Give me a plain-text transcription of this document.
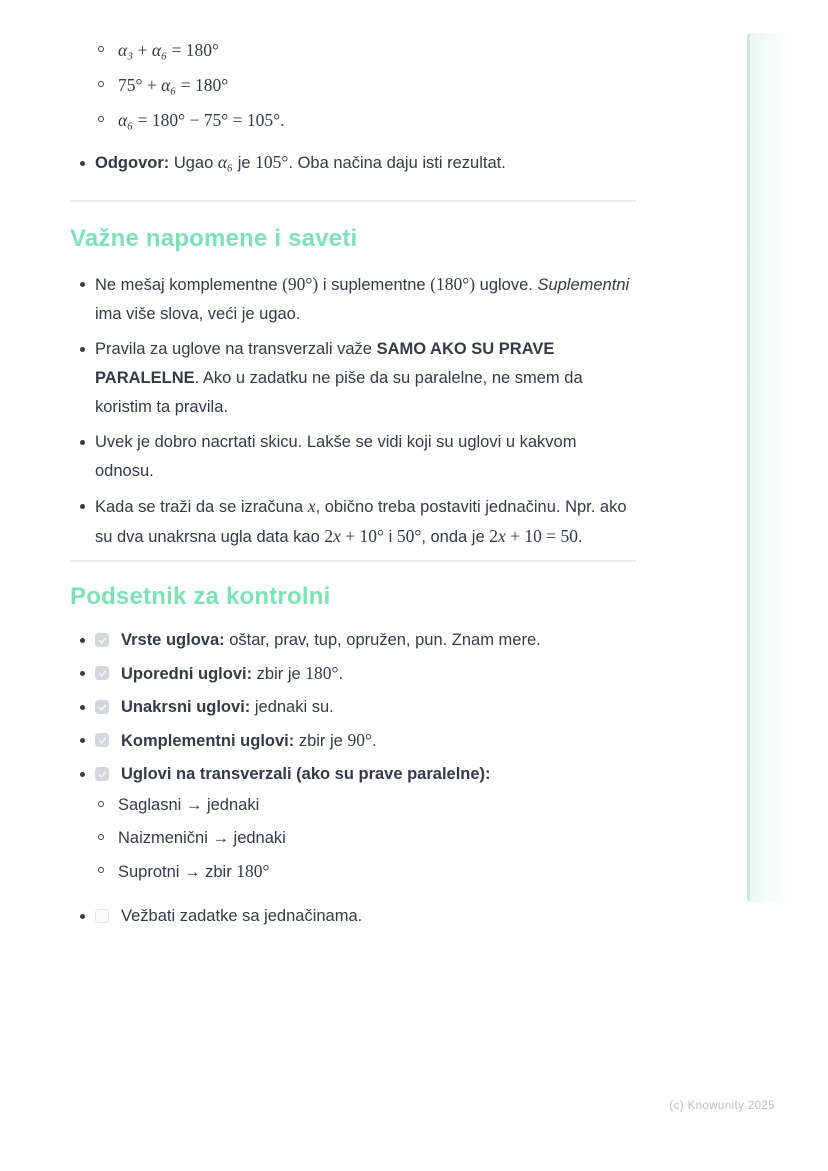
α₃ + α₆ = 180°
75° + α₆ = 180°
α₆ = 180° − 75° = 105°.
Odgovor: Ugao α₆ je 105°. Oba načina daju isti rezultat.
Važne napomene i saveti
Ne mešaj komplementne (90°) i suplementne (180°) uglove. Suplementni ima više slova, veći je ugao.
Pravila za uglove na transverzali važe SAMO AKO SU PRAVE PARALELNE. Ako u zadatku ne piše da su paralelne, ne smem da koristim ta pravila.
Uvek je dobro nacrtati skicu. Lakše se vidi koji su uglovi u kakvom odnosu.
Kada se traži da se izračuna x, obično treba postaviti jednačinu. Npr. ako su dva unakrsna ugla data kao 2x + 10° i 50°, onda je 2x + 10 = 50.
Podsetnik za kontrolni
Vrste uglova: oštar, prav, tup, opružen, pun. Znam mere.
Uporedni uglovi: zbir je 180°.
Unakrsni uglovi: jednaki su.
Komplementni uglovi: zbir je 90°.
Uglovi na transverzali (ako su prave paralelne):
Saglasni → jednaki
Naizmenični → jednaki
Suprotni → zbir 180°
Vežbati zadatke sa jednačinama.
(c) Knowunity 2025
